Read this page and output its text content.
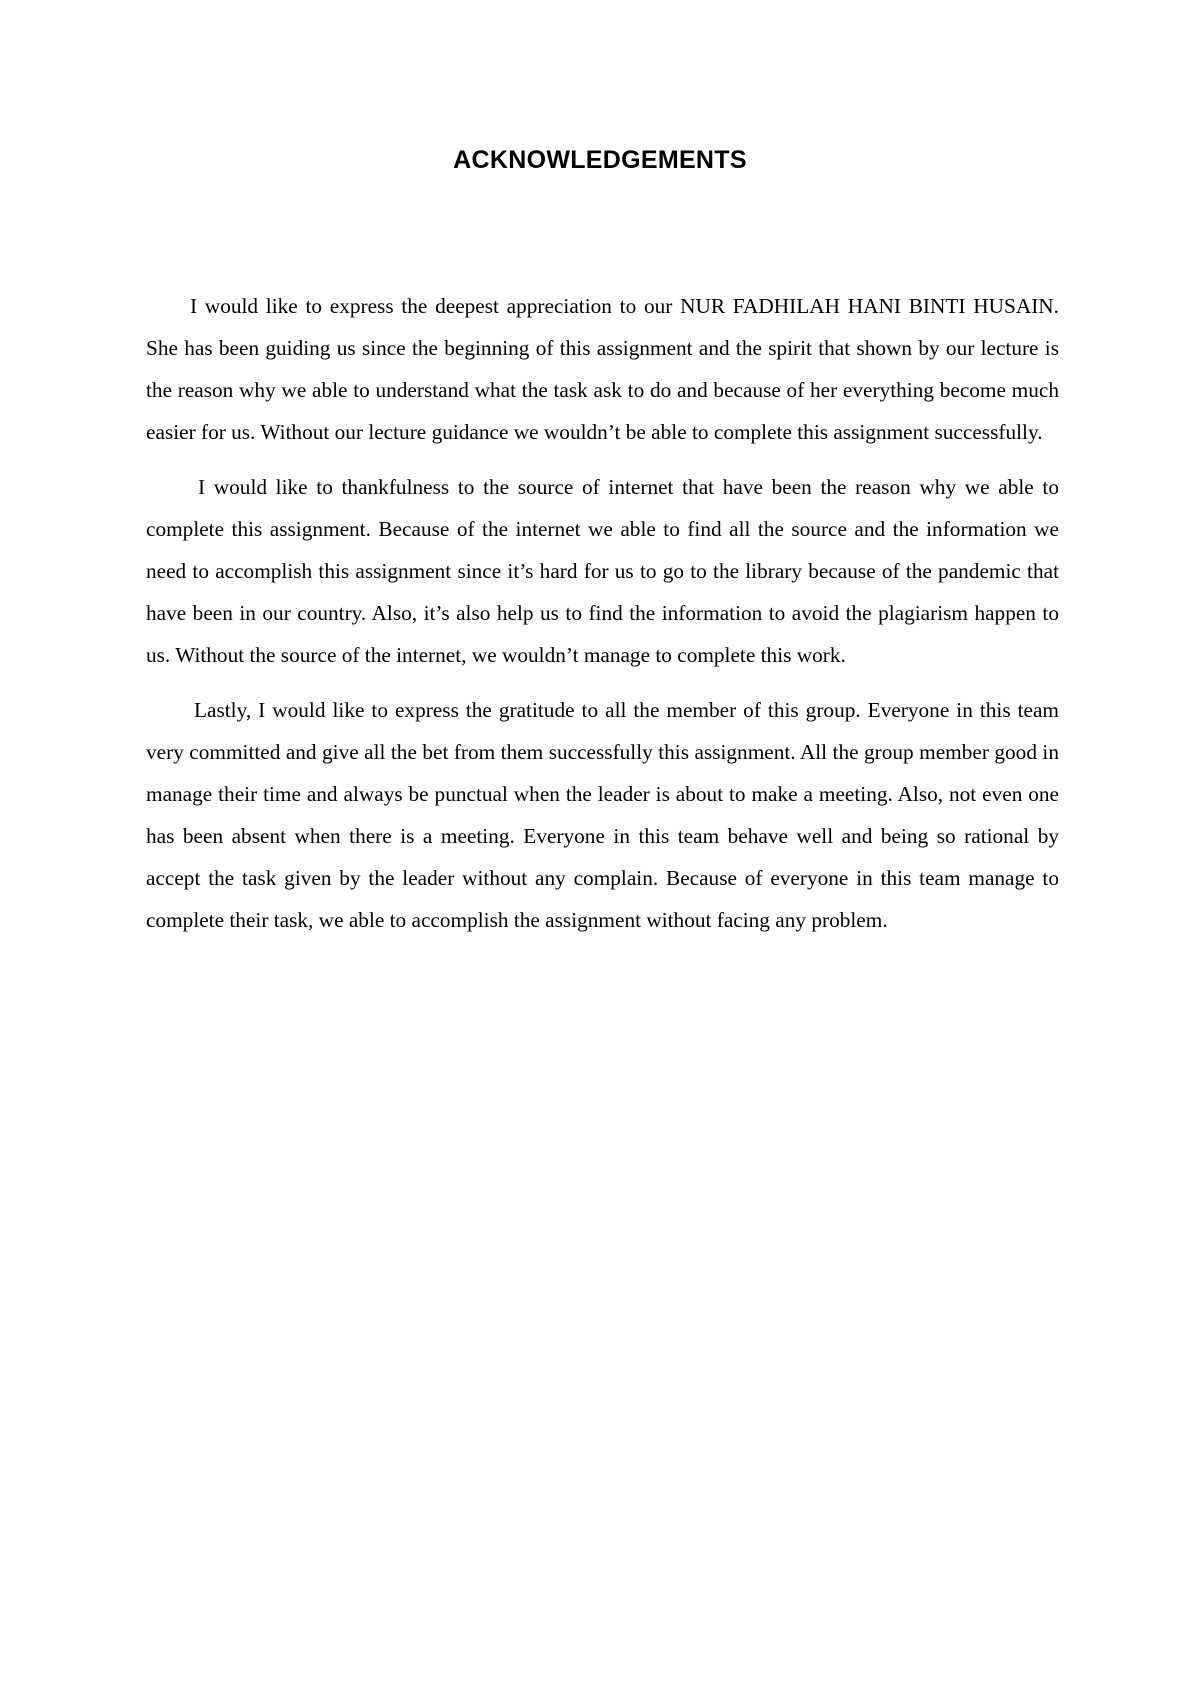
ACKNOWLEDGEMENTS

I would like to express the deepest appreciation to our NUR FADHILAH HANI BINTI HUSAIN. She has been guiding us since the beginning of this assignment and the spirit that shown by our lecture is the reason why we able to understand what the task ask to do and because of her everything become much easier for us. Without our lecture guidance we wouldn’t be able to complete this assignment successfully.

I would like to thankfulness to the source of internet that have been the reason why we able to complete this assignment. Because of the internet we able to find all the source and the information we need to accomplish this assignment since it’s hard for us to go to the library because of the pandemic that have been in our country. Also, it’s also help us to find the information to avoid the plagiarism happen to us. Without the source of the internet, we wouldn’t manage to complete this work.

Lastly, I would like to express the gratitude to all the member of this group. Everyone in this team very committed and give all the bet from them successfully this assignment. All the group member good in manage their time and always be punctual when the leader is about to make a meeting. Also, not even one has been absent when there is a meeting. Everyone in this team behave well and being so rational by accept the task given by the leader without any complain. Because of everyone in this team manage to complete their task, we able to accomplish the assignment without facing any problem.
